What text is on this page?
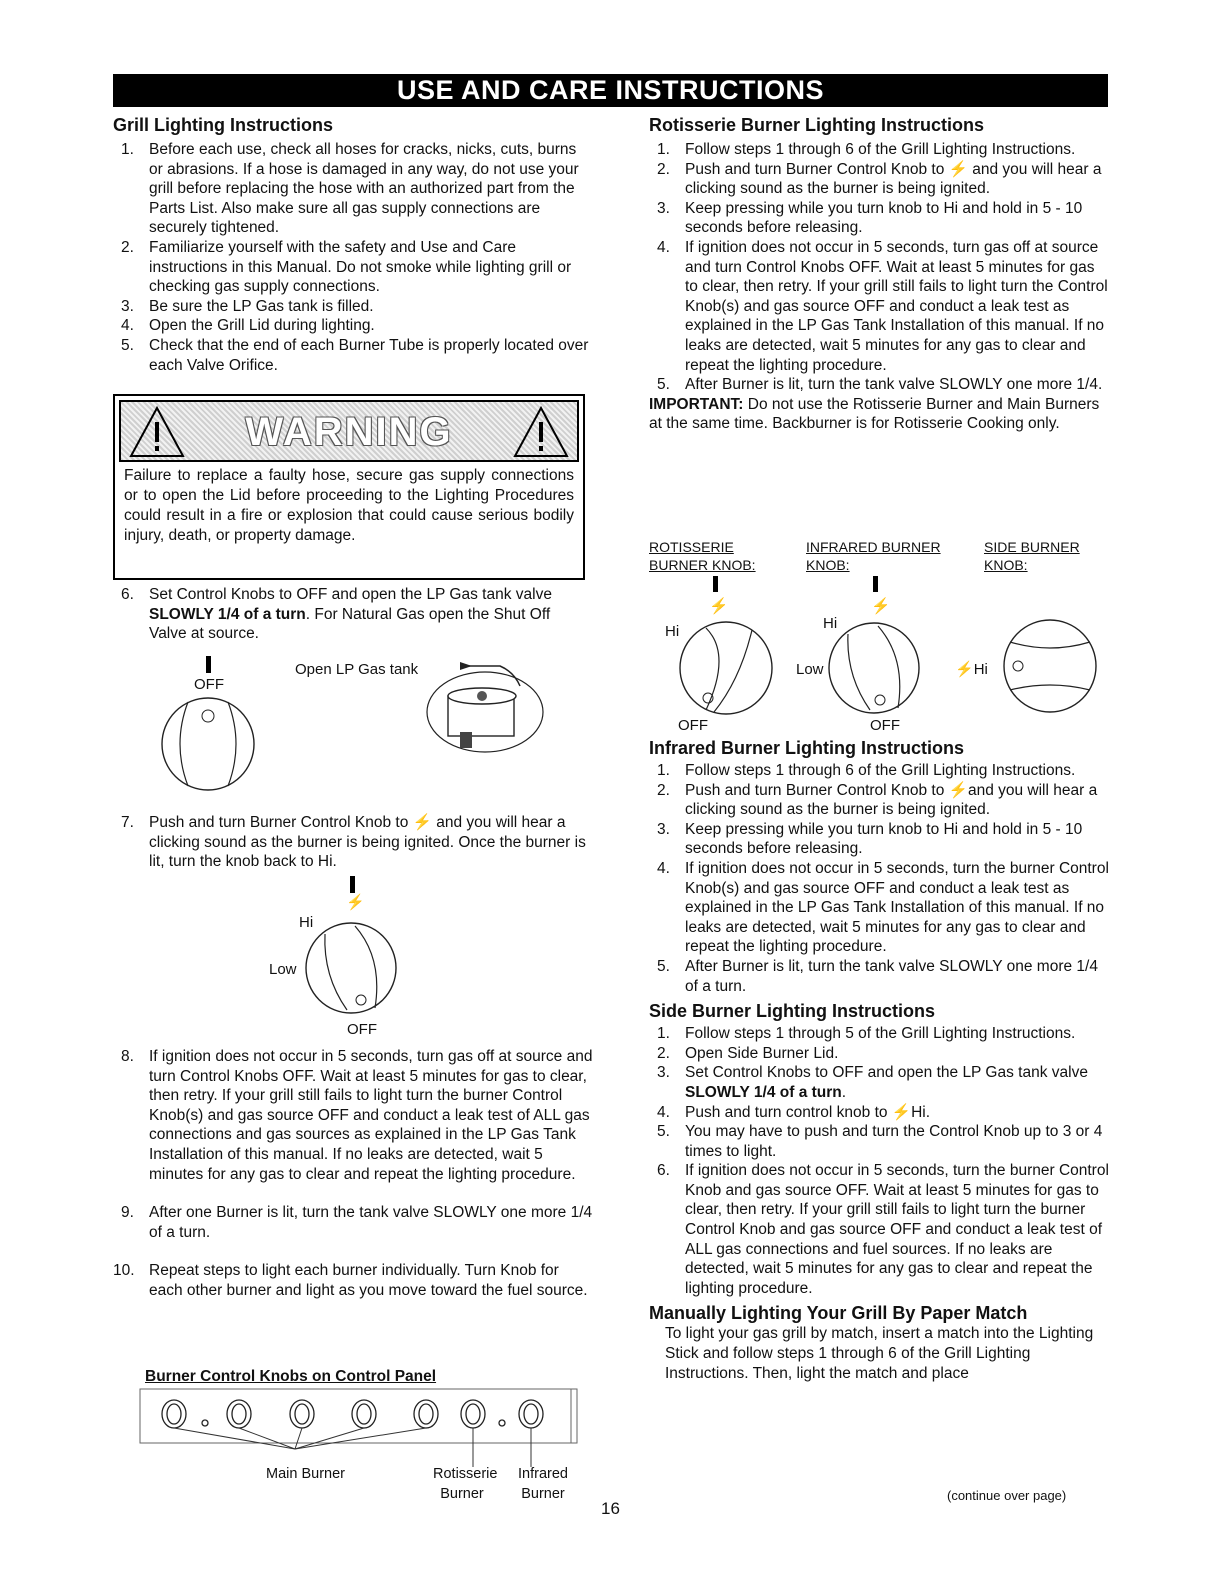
USE AND CARE INSTRUCTIONS
Grill Lighting Instructions
1. Before each use, check all hoses for cracks, nicks, cuts, burns or abrasions. If a hose is damaged in any way, do not use your grill before replacing the hose with an authorized part from the Parts List. Also make sure all gas supply connections are securely tightened.
2. Familiarize yourself with the safety and Use and Care instructions in this Manual. Do not smoke while lighting grill or checking gas supply connections.
3. Be sure the LP Gas tank is filled.
4. Open the Grill Lid during lighting.
5. Check that the end of each Burner Tube is properly located over each Valve Orifice.
WARNING
Failure to replace a faulty hose, secure gas supply connections or to open the Lid before proceeding to the Lighting Procedures could result in a fire or explosion that could cause serious bodily injury, death, or property damage.
6. Set Control Knobs to OFF and open the LP Gas tank valve SLOWLY 1/4 of a turn. For Natural Gas open the Shut Off Valve at source.
OFF
Open LP Gas tank
7. Push and turn Burner Control Knob to ⚡ and you will hear a clicking sound as the burner is being ignited. Once the burner is lit, turn the knob back to Hi.
⚡
Hi
Low
OFF
8. If ignition does not occur in 5 seconds, turn gas off at source and turn Control Knobs OFF. Wait at least 5 minutes for gas to clear, then retry. If your grill still fails to light turn the burner Control Knob(s) and gas source OFF and conduct a leak test of ALL gas connections and gas sources as explained in the LP Gas Tank Installation of this manual. If no leaks are detected, wait 5 minutes for any gas to clear and repeat the lighting procedure.
9. After one Burner is lit, turn the tank valve SLOWLY one more 1/4 of a turn.
10. Repeat steps to light each burner individually. Turn Knob for each other burner and light as you move toward the fuel source.
Burner Control Knobs on Control Panel
Main Burner	Rotisserie
Burner
Infrared
Burner
Rotisserie Burner Lighting Instructions
1. Follow steps 1 through 6 of the Grill Lighting Instructions.
2. Push and turn Burner Control Knob to ⚡ and you will hear a clicking sound as the burner is being ignited.
3. Keep pressing while you turn knob to Hi and hold in 5 - 10 seconds before releasing.
4. If ignition does not occur in 5 seconds, turn gas off at source and turn Control Knobs OFF. Wait at least 5 minutes for gas to clear, then retry. If your grill still fails to light turn the Control Knob(s) and gas source OFF and conduct a leak test as explained in the LP Gas Tank Installation of this manual. If no leaks are detected, wait 5 minutes for any gas to clear and repeat the lighting procedure.
5. After Burner is lit, turn the tank valve SLOWLY one more 1/4.

IMPORTANT: Do not use the Rotisserie Burner and Main Burners at the same time. Backburner is for Rotisserie Cooking only.

ROTISSERIE
BURNER KNOB:
INFRARED BURNER
KNOB:
SIDE BURNER
KNOB:
⚡
Hi
OFF
⚡
Hi
Low
OFF
⚡Hi
Infrared Burner Lighting Instructions
1. Follow steps 1 through 6 of the Grill Lighting Instructions.
2. Push and turn Burner Control Knob to ⚡and you will hear a clicking sound as the burner is being ignited.
3. Keep pressing while you turn knob to Hi and hold in 5 - 10 seconds before releasing.
4. If ignition does not occur in 5 seconds, turn the burner Control Knob(s) and gas source OFF and conduct a leak test as explained in the LP Gas Tank Installation of this manual. If no leaks are detected, wait 5 minutes for any gas to clear and repeat the lighting procedure.
5. After Burner is lit, turn the tank valve SLOWLY one more 1/4 of a turn.
Side Burner Lighting Instructions
1. Follow steps 1 through 5 of the Grill Lighting Instructions.
2. Open Side Burner Lid.
3. Set Control Knobs to OFF and open the LP Gas tank valve SLOWLY 1/4 of a turn.
4. Push and turn control knob to ⚡Hi.
5. You may have to push and turn the Control Knob up to 3 or 4 times to light.
6. If ignition does not occur in 5 seconds, turn the burner Control Knob and gas source OFF. Wait at least 5 minutes for gas to clear, then retry. If your grill still fails to light turn the burner Control Knob and gas source OFF and conduct a leak test of ALL gas connections and fuel sources. If no leaks are detected, wait 5 minutes for any gas to clear and repeat the lighting procedure.
Manually Lighting Your Grill By Paper Match

To light your gas grill by match, insert a match into the Lighting Stick and follow steps 1 through 6 of the Grill Lighting Instructions. Then, light the match and place

(continue over page)
16
